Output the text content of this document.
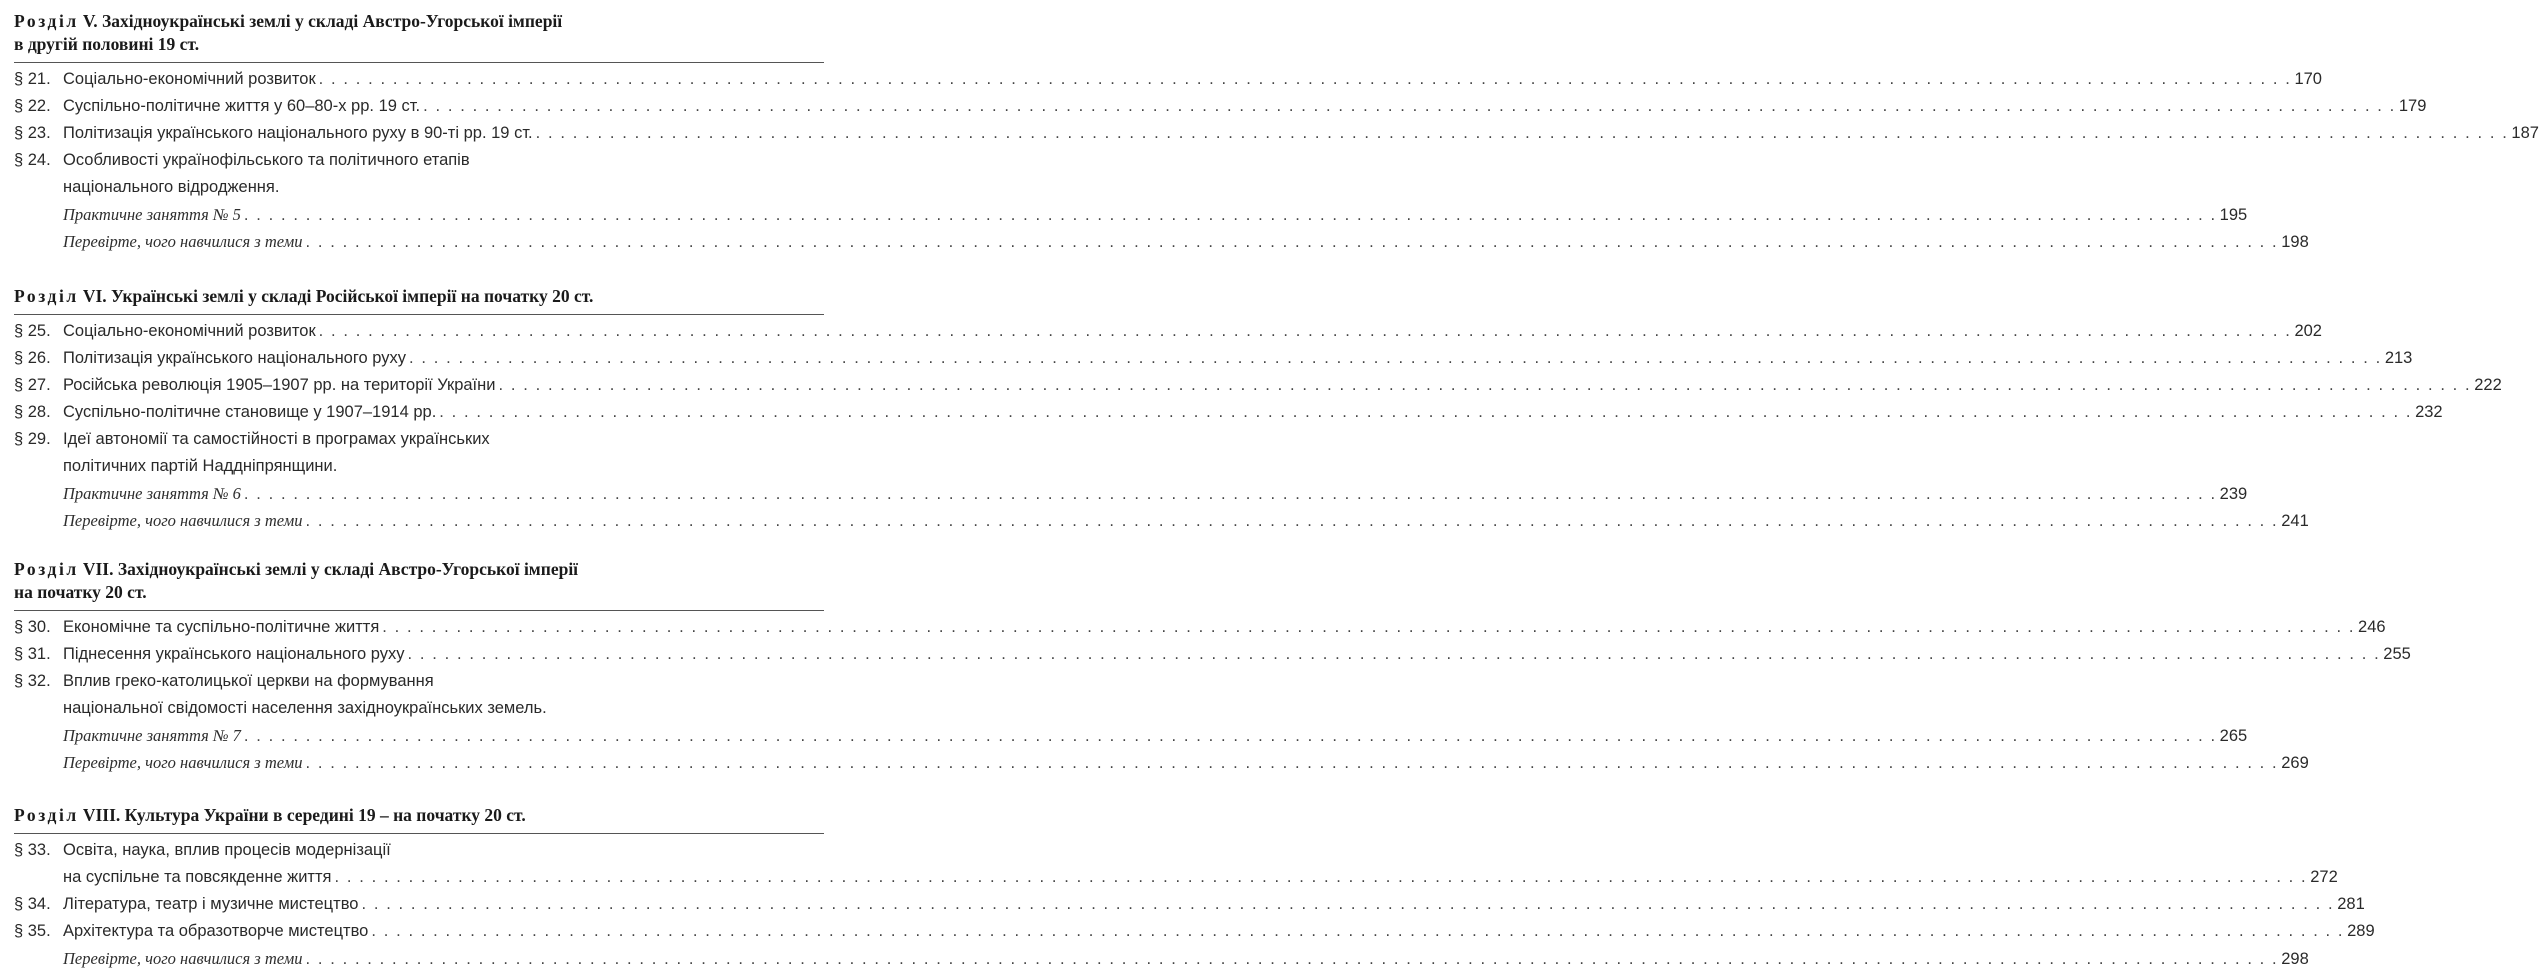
Розділ V. Західноукраїнські землі у складі Австро-Угорської імперії
в другій половині 19 ст.
§ 21. Соціально-економічний розвиток . . . . . . . . . . . . . . . . . . . . . . . . . . . . . . . . . . . . . . . . . . . . . . . . . . . . . . . . . . . . . . . . . . . . . . . . . . . . . . . . . . . . . . . . . . . . . . . . . . . . . . . . . . . . . . . . . . . . . . . . . . . . . . . . . . . . . . . . . . . . . . . . . . . . . . . . . . . . . . . . 170
§ 22. Суспільно-політичне життя у 60–80-х рр. 19 ст. . . . . . . . . . . . . . . . . . . . . . . . . . . . . . . . . . . . . . . . . . . . . . . . . . . . . . . . . . . . . . . . . . . . . . . . . . . . . . . . . . . . . . . . . . . . . . . . . . . . . . . . . . . . . . . . . . . . . . . . . . . . . . . . . . . . . . . . . . . . . . . . . . . . . . . . . . . . . . . . . 179
§ 23. Політизація українського національного руху в 90-ті рр. 19 ст. . . . . . . . . . . . . . . . . . . . . . . . . . . . . . . . . . . . . . . . . . . . . . . . . . . . . . . . . . . . . . . . . . . . . . . . . . . . . . . . . . . . . . . . . . . . . . . . . . . . . . . . . . . . . . . . . . . . . . . . . . . . . . . . . . . . . . . . . . . . . . . . . . . . . . . . . . . . . . . . . 187
§ 24. Особливості українофільського та політичного етапів
національного відродження.
Практичне заняття № 5 . . . . . . . . . . . . . . . . . . . . . . . . . . . . . . . . . . . . . . . . . . . . . . . . . . . . . . . . . . . . . . . . . . . . . . . . . . . . . . . . . . . . . . . . . . . . . . . . . . . . . . . . . . . . . . . . . . . . . . . . . . . . . . . . . . . . . . . . . . . . . . . . . . . . . . . . . . . . . . . . 195
Перевірте, чого навчилися з теми . . . . . . . . . . . . . . . . . . . . . . . . . . . . . . . . . . . . . . . . . . . . . . . . . . . . . . . . . . . . . . . . . . . . . . . . . . . . . . . . . . . . . . . . . . . . . . . . . . . . . . . . . . . . . . . . . . . . . . . . . . . . . . . . . . . . . . . . . . . . . . . . . . . . . . . . . . . . . . . . 198
Розділ VI. Українські землі у складі Російської імперії на початку 20 ст.
§ 25. Соціально-економічний розвиток . . . . . . . . . . . . . . . . . . . . . . . . . . . . . . . . . . . . . . . . . . . . . . . . . . . . . . . . . . . . . . . . . . . . . . . . . . . . . . . . . . . . . . . . . . . . . . . . . . . . . . . . . . . . . . . . . . . . . . . . . . . . . . . . . . . . . . . . . . . . . . . . . . . . . . . . . . . . . . . . 202
§ 26. Політизація українського національного руху . . . . . . . . . . . . . . . . . . . . . . . . . . . . . . . . . . . . . . . . . . . . . . . . . . . . . . . . . . . . . . . . . . . . . . . . . . . . . . . . . . . . . . . . . . . . . . . . . . . . . . . . . . . . . . . . . . . . . . . . . . . . . . . . . . . . . . . . . . . . . . . . . . . . . . . . . . . . . . . . 213
§ 27. Російська революція 1905–1907 рр. на території України . . . . . . . . . . . . . . . . . . . . . . . . . . . . . . . . . . . . . . . . . . . . . . . . . . . . . . . . . . . . . . . . . . . . . . . . . . . . . . . . . . . . . . . . . . . . . . . . . . . . . . . . . . . . . . . . . . . . . . . . . . . . . . . . . . . . . . . . . . . . . . . . . . . . . . . . . . . . . . . . 222
§ 28. Суспільно-політичне становище у 1907–1914 рр. . . . . . . . . . . . . . . . . . . . . . . . . . . . . . . . . . . . . . . . . . . . . . . . . . . . . . . . . . . . . . . . . . . . . . . . . . . . . . . . . . . . . . . . . . . . . . . . . . . . . . . . . . . . . . . . . . . . . . . . . . . . . . . . . . . . . . . . . . . . . . . . . . . . . . . . . . . . . . . . . 232
§ 29. Ідеї автономії та самостійності в програмах українських
політичних партій Наддніпрянщини.
Практичне заняття № 6 . . . . . . . . . . . . . . . . . . . . . . . . . . . . . . . . . . . . . . . . . . . . . . . . . . . . . . . . . . . . . . . . . . . . . . . . . . . . . . . . . . . . . . . . . . . . . . . . . . . . . . . . . . . . . . . . . . . . . . . . . . . . . . . . . . . . . . . . . . . . . . . . . . . . . . . . . . . . . . . . 239
Перевірте, чого навчилися з теми . . . . . . . . . . . . . . . . . . . . . . . . . . . . . . . . . . . . . . . . . . . . . . . . . . . . . . . . . . . . . . . . . . . . . . . . . . . . . . . . . . . . . . . . . . . . . . . . . . . . . . . . . . . . . . . . . . . . . . . . . . . . . . . . . . . . . . . . . . . . . . . . . . . . . . . . . . . . . . . . 241
Розділ VII. Західноукраїнські землі у складі Австро-Угорської імперії
на початку 20 ст.
§ 30. Економічне та суспільно-політичне життя . . . . . . . . . . . . . . . . . . . . . . . . . . . . . . . . . . . . . . . . . . . . . . . . . . . . . . . . . . . . . . . . . . . . . . . . . . . . . . . . . . . . . . . . . . . . . . . . . . . . . . . . . . . . . . . . . . . . . . . . . . . . . . . . . . . . . . . . . . . . . . . . . . . . . . . . . . . . . . . . 246
§ 31. Піднесення українського національного руху . . . . . . . . . . . . . . . . . . . . . . . . . . . . . . . . . . . . . . . . . . . . . . . . . . . . . . . . . . . . . . . . . . . . . . . . . . . . . . . . . . . . . . . . . . . . . . . . . . . . . . . . . . . . . . . . . . . . . . . . . . . . . . . . . . . . . . . . . . . . . . . . . . . . . . . . . . . . . . . . 255
§ 32. Вплив греко-католицької церкви на формування
національної свідомості населення західноукраїнських земель.
Практичне заняття № 7 . . . . . . . . . . . . . . . . . . . . . . . . . . . . . . . . . . . . . . . . . . . . . . . . . . . . . . . . . . . . . . . . . . . . . . . . . . . . . . . . . . . . . . . . . . . . . . . . . . . . . . . . . . . . . . . . . . . . . . . . . . . . . . . . . . . . . . . . . . . . . . . . . . . . . . . . . . . . . . . . 265
Перевірте, чого навчилися з теми . . . . . . . . . . . . . . . . . . . . . . . . . . . . . . . . . . . . . . . . . . . . . . . . . . . . . . . . . . . . . . . . . . . . . . . . . . . . . . . . . . . . . . . . . . . . . . . . . . . . . . . . . . . . . . . . . . . . . . . . . . . . . . . . . . . . . . . . . . . . . . . . . . . . . . . . . . . . . . . . 269
Розділ VIII. Культура України в середині 19 – на початку 20 ст.
§ 33. Освіта, наука, вплив процесів модернізації
на суспільне та повсякденне життя . . . . . . . . . . . . . . . . . . . . . . . . . . . . . . . . . . . . . . . . . . . . . . . . . . . . . . . . . . . . . . . . . . . . . . . . . . . . . . . . . . . . . . . . . . . . . . . . . . . . . . . . . . . . . . . . . . . . . . . . . . . . . . . . . . . . . . . . . . . . . . . . . . . . . . . . . . . . . . . . 272
§ 34. Література, театр і музичне мистецтво . . . . . . . . . . . . . . . . . . . . . . . . . . . . . . . . . . . . . . . . . . . . . . . . . . . . . . . . . . . . . . . . . . . . . . . . . . . . . . . . . . . . . . . . . . . . . . . . . . . . . . . . . . . . . . . . . . . . . . . . . . . . . . . . . . . . . . . . . . . . . . . . . . . . . . . . . . . . . . . . 281
§ 35. Архітектура та образотворче мистецтво . . . . . . . . . . . . . . . . . . . . . . . . . . . . . . . . . . . . . . . . . . . . . . . . . . . . . . . . . . . . . . . . . . . . . . . . . . . . . . . . . . . . . . . . . . . . . . . . . . . . . . . . . . . . . . . . . . . . . . . . . . . . . . . . . . . . . . . . . . . . . . . . . . . . . . . . . . . . . . . . 289
Перевірте, чого навчилися з теми . . . . . . . . . . . . . . . . . . . . . . . . . . . . . . . . . . . . . . . . . . . . . . . . . . . . . . . . . . . . . . . . . . . . . . . . . . . . . . . . . . . . . . . . . . . . . . . . . . . . . . . . . . . . . . . . . . . . . . . . . . . . . . . . . . . . . . . . . . . . . . . . . . . . . . . . . . . . . . . . 298
